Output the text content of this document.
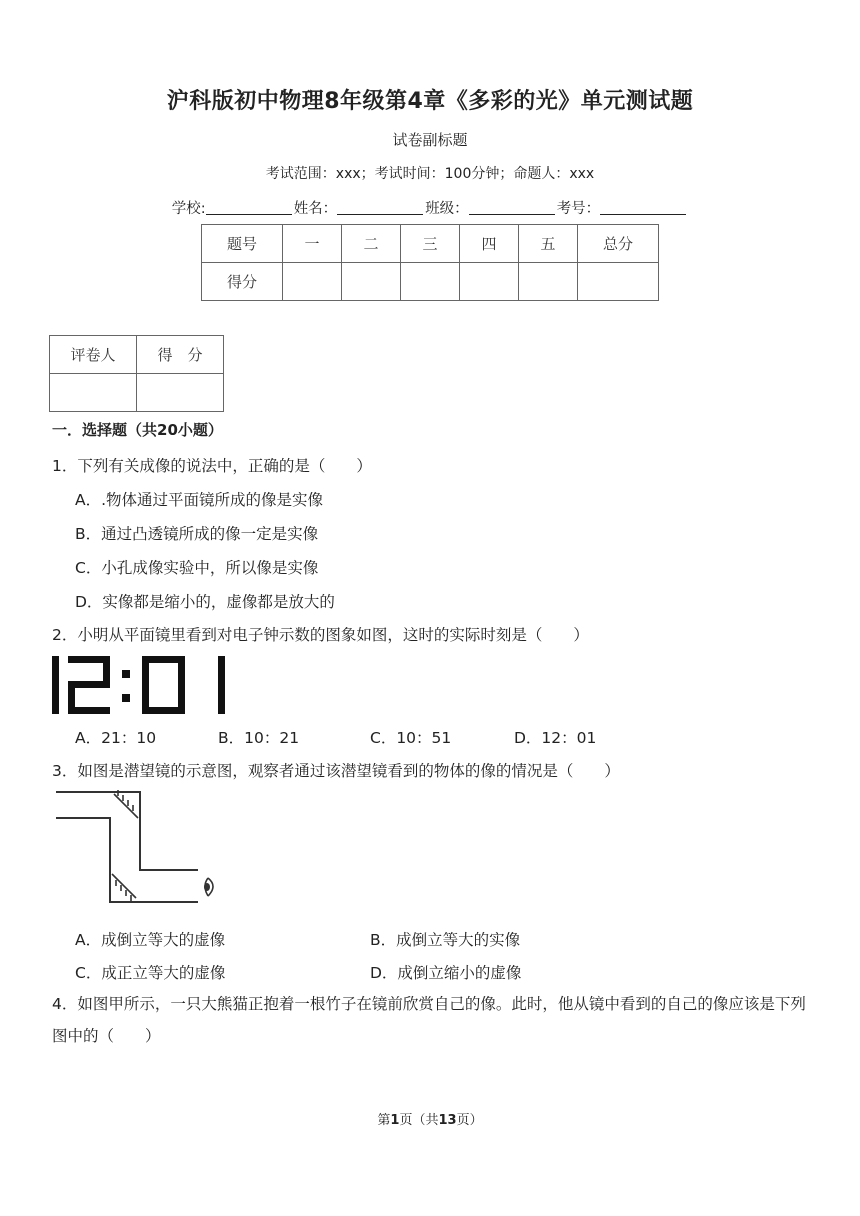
沪科版初中物理8年级第4章《多彩的光》单元测试题
试卷副标题
考试范围：xxx；考试时间：100分钟；命题人：xxx
学校:	姓名：	班级：	考号：
题号	一	二	三	四	五	总分
得分						
评卷人	得　分

一．选择题（共20小题）
1．下列有关成像的说法中，正确的是（　　）
A．.物体通过平面镜所成的像是实像
B．通过凸透镜所成的像一定是实像
C．小孔成像实验中，所以像是实像
D．实像都是缩小的，虚像都是放大的
2．小明从平面镜里看到对电子钟示数的图象如图，这时的实际时刻是（　　）
A．21：10	B．10：21	C．10：51	D．12：01
3．如图是潜望镜的示意图，观察者通过该潜望镜看到的物体的像的情况是（　　）
A．成倒立等大的虚像	B．成倒立等大的实像
C．成正立等大的虚像	D．成倒立缩小的虚像
4．如图甲所示，一只大熊猫正抱着一根竹子在镜前欣赏自己的像。此时，他从镜中看到的自己的像应该是下列图中的（　　）
第1页（共13页）
